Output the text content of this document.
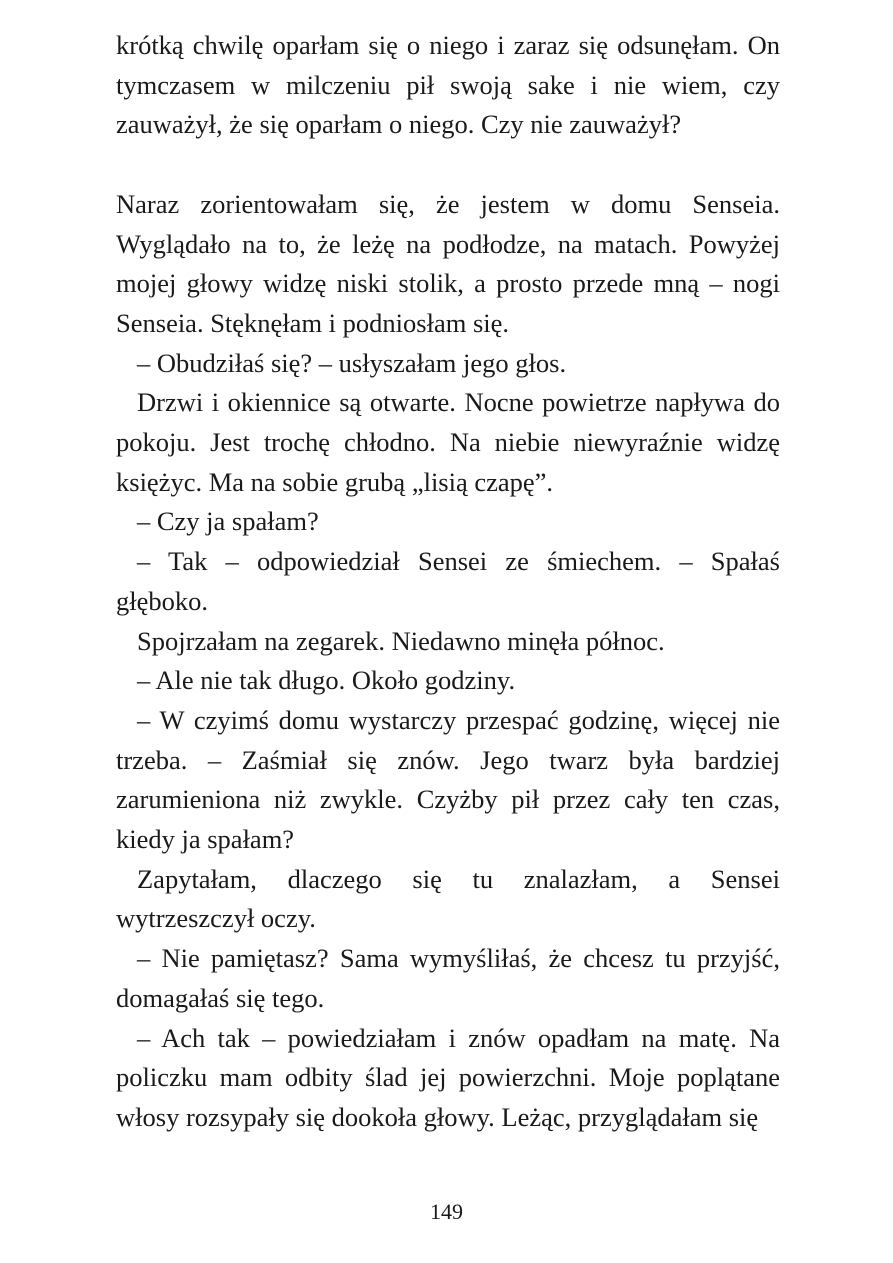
krótką chwilę oparłam się o niego i zaraz się odsunęłam. On tymczasem w milczeniu pił swoją sake i nie wiem, czy zauważył, że się oparłam o niego. Czy nie zauważył?

Naraz zorientowałam się, że jestem w domu Senseia. Wyglądało na to, że leżę na podłodze, na matach. Powyżej mojej głowy widzę niski stolik, a prosto przede mną – nogi Senseia. Stęknęłam i podniosłam się.

– Obudziłaś się? – usłyszałam jego głos.

Drzwi i okiennice są otwarte. Nocne powietrze napływa do pokoju. Jest trochę chłodno. Na niebie niewyraźnie widzę księżyc. Ma na sobie grubą „lisią czapę”.

– Czy ja spałam?

– Tak – odpowiedział Sensei ze śmiechem. – Spałaś głęboko.

Spojrzałam na zegarek. Niedawno minęła północ.

– Ale nie tak długo. Około godziny.

– W czyimś domu wystarczy przespać godzinę, więcej nie trzeba. – Zaśmiał się znów. Jego twarz była bardziej zarumieniona niż zwykle. Czyżby pił przez cały ten czas, kiedy ja spałam?

Zapytałam, dlaczego się tu znalazłam, a Sensei wytrzeszczył oczy.

– Nie pamiętasz? Sama wymyśliłaś, że chcesz tu przyjść, domagałaś się tego.

– Ach tak – powiedziałam i znów opadłam na matę. Na policzku mam odbity ślad jej powierzchni. Moje poplątane włosy rozsypały się dookoła głowy. Leżąc, przyglądałam się

149
